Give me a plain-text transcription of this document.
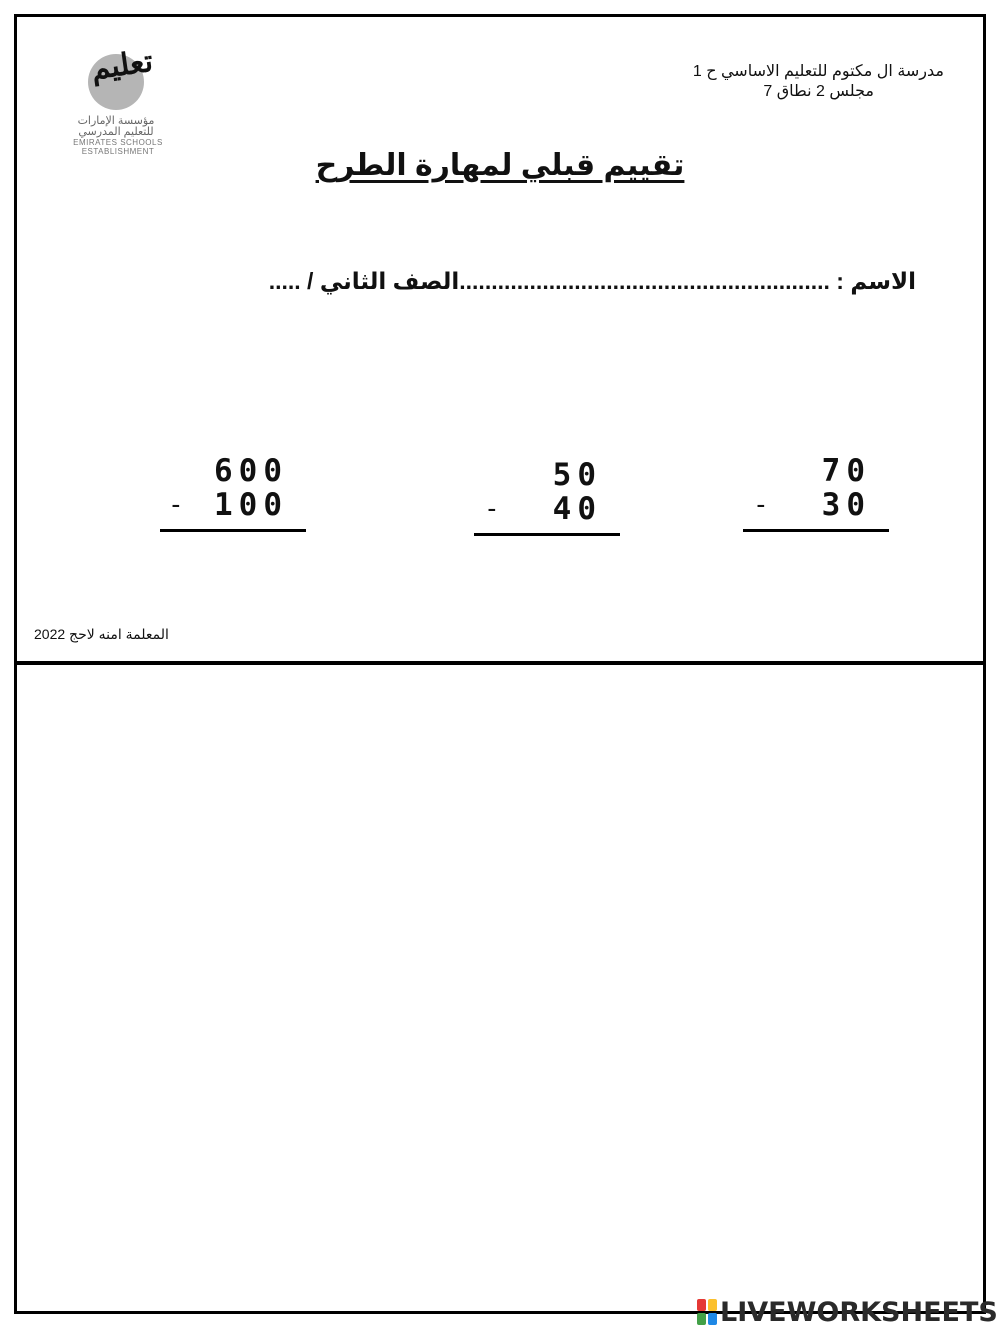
مدرسة ال مكتوم للتعليم الاساسي ح 1
مجلس 2 نطاق 7
تعليم
مؤسسة الإمارات للتعليم المدرسي
EMIRATES SCHOOLS
ESTABLISHMENT	تقييم قبلي لمهارة الطرح
الاسم : ..........................................................الصف الثاني / .....
600
- 100
50
- 40
70
- 30
المعلمة امنه لاحج 2022
LIVEWORKSHEETS
